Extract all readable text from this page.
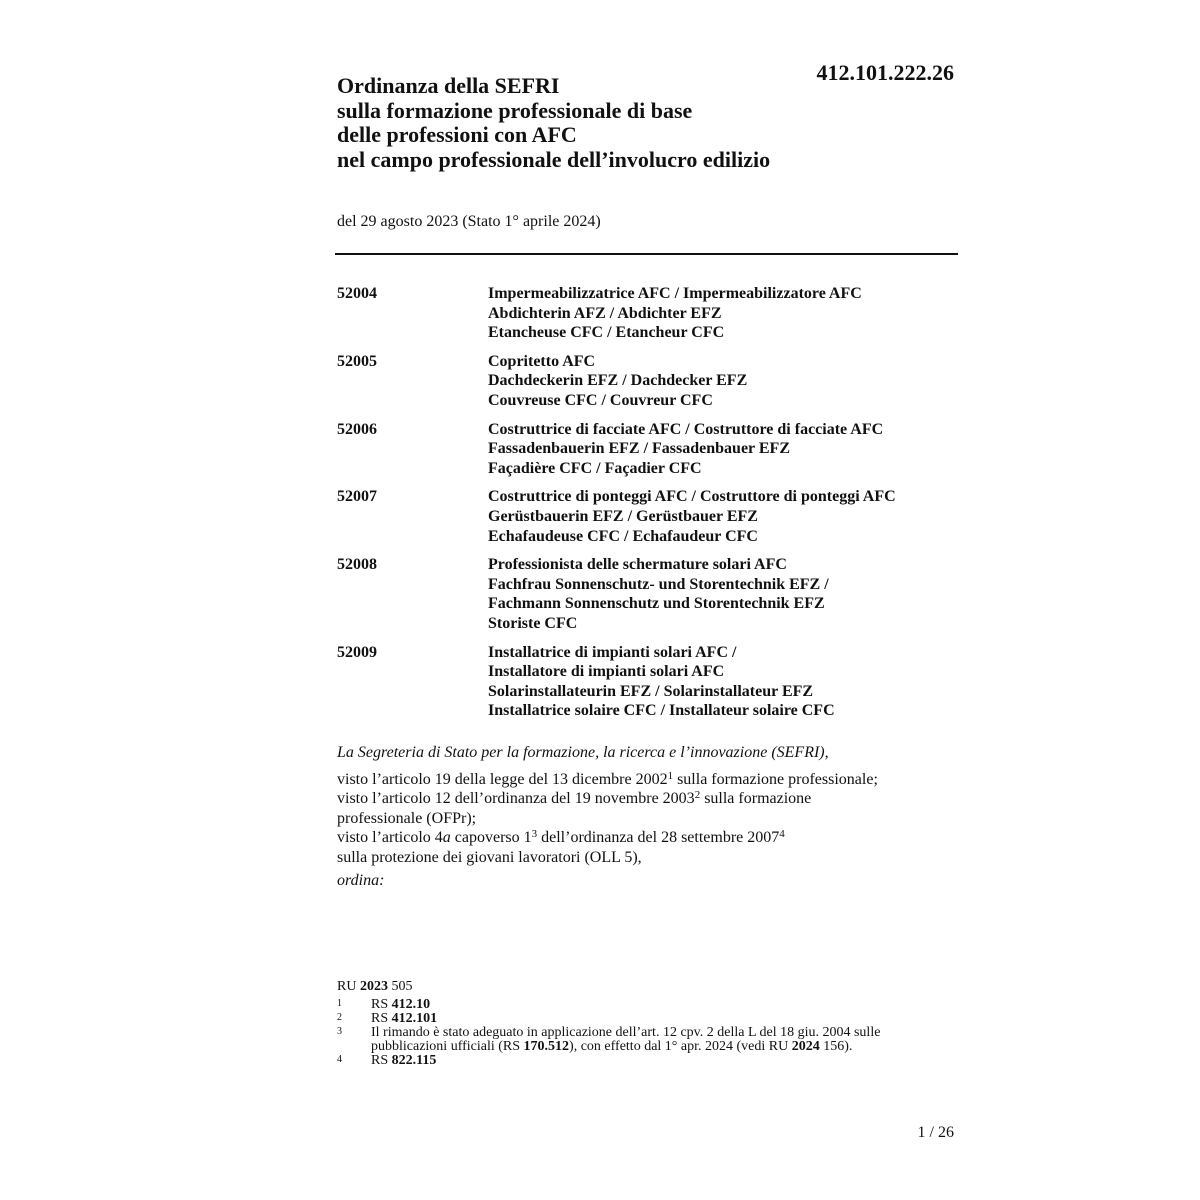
412.101.222.26
Ordinanza della SEFRI
sulla formazione professionale di base
delle professioni con AFC
nel campo professionale dell’involucro edilizio
del 29 agosto 2023 (Stato 1° aprile 2024)
52004	Impermeabilizzatrice AFC / Impermeabilizzatore AFC
Abdichterin AFZ / Abdichter EFZ
Etancheuse CFC / Etancheur CFC
52005	Copritetto AFC
Dachdeckerin EFZ / Dachdecker EFZ
Couvreuse CFC / Couvreur CFC
52006	Costruttrice di facciate AFC / Costruttore di facciate AFC
Fassadenbauerin EFZ / Fassadenbauer EFZ
Façadière CFC / Façadier CFC
52007	Costruttrice di ponteggi AFC / Costruttore di ponteggi AFC
Gerüstbauerin EFZ / Gerüstbauer EFZ
Echafaudeuse CFC / Echafaudeur CFC
52008	Professionista delle schermature solari AFC
Fachfrau Sonnenschutz- und Storentechnik EFZ /
Fachmann Sonnenschutz und Storentechnik EFZ
Storiste CFC
52009	Installatrice di impianti solari AFC /
Installatore di impianti solari AFC
Solarinstallateurin EFZ / Solarinstallateur EFZ
Installatrice solaire CFC / Installateur solaire CFC
La Segreteria di Stato per la formazione, la ricerca e l’innovazione (SEFRI),
visto l’articolo 19 della legge del 13 dicembre 2002$^1$ sulla formazione professionale;
visto l’articolo 12 dell’ordinanza del 19 novembre 2003$^2$ sulla formazione
professionale (OFPr);
visto l’articolo 4a capoverso $1^3$ dell’ordinanza del 28 settembre 2007$^4$
sulla protezione dei giovani lavoratori (OLL 5),
ordina:
RU 2023 505
1	RS 412.10
2	RS 412.101
3	Il rimando è stato adeguato in applicazione dell’art. 12 cpv. 2 della L del 18 giu. 2004 sulle pubblicazioni ufficiali (RS 170.512), con effetto dal 1° apr. 2024 (vedi RU 2024 156).
4	RS 822.115
1 / 26
